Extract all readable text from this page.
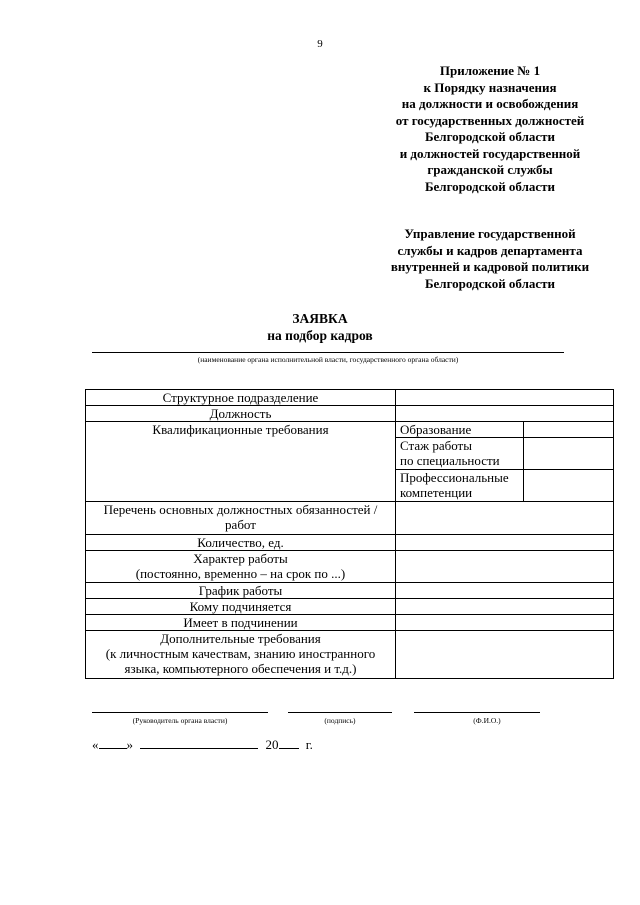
9
Приложение № 1
к Порядку назначения
на должности и освобождения
от государственных должностей
Белгородской области
и должностей государственной
гражданской службы
Белгородской области
Управление государственной
службы и кадров департамента
внутренней и кадровой политики
Белгородской области
ЗАЯВКА
на подбор кадров
(наименование органа исполнительной власти, государственного органа области)
Структурное подразделение		
Должность		
Квалификационные требования	Образование	

	Стаж работы
по специальности	

	Профессиональные
компетенции	

Перечень основных должностных обязанностей /
работ		

Количество, ед.		

Характер работы
(постоянно, временно – на срок по ...)		

График работы		
Кому подчиняется		
Имеет в подчинении		

Дополнительные требования
(к личностным качествам, знанию иностранного
языка, компьютерного обеспечения и т.д.)		

(Руководитель органа власти)	(подпись)	(Ф.И.О.)
« »	20 г.
